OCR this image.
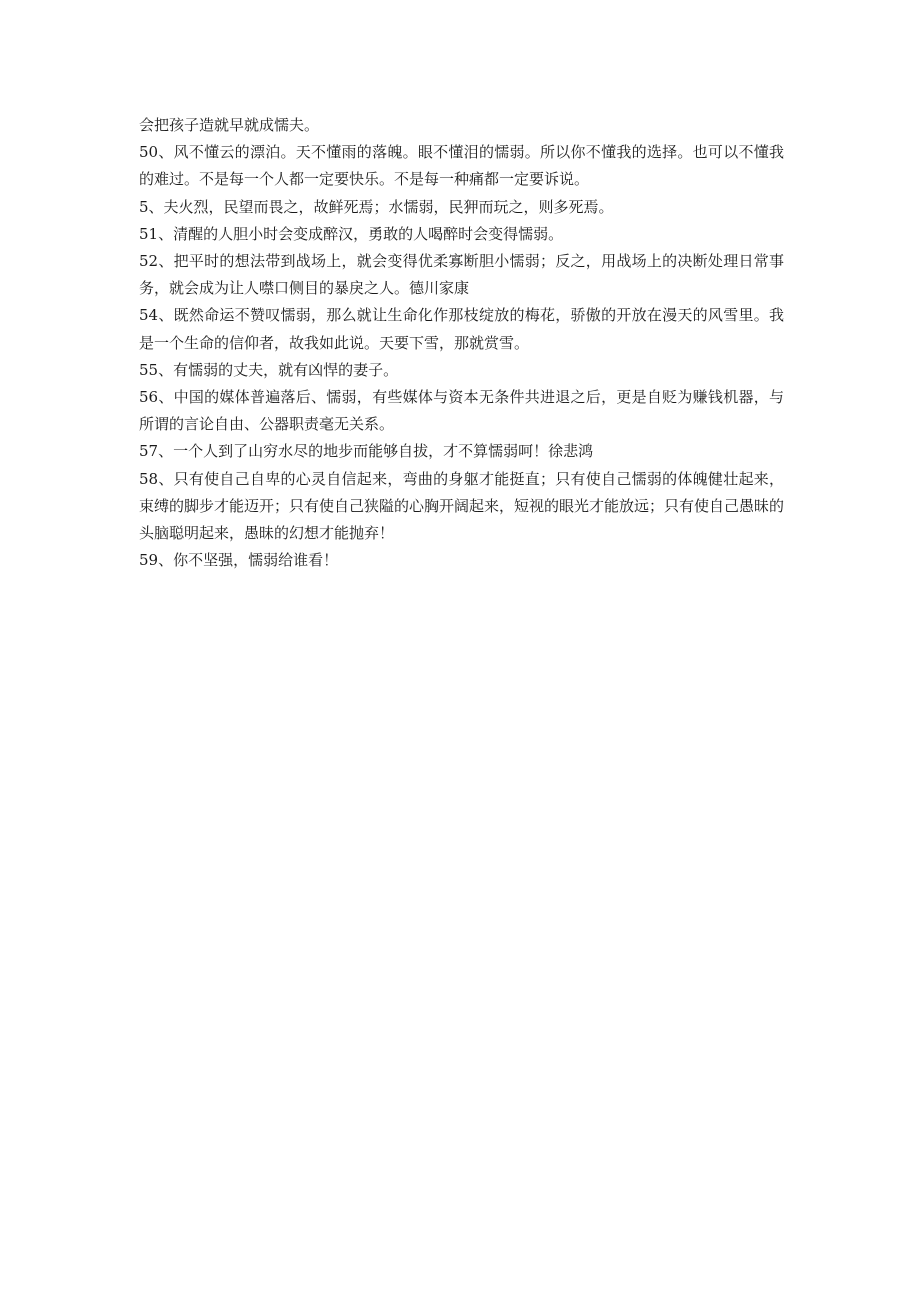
会把孩子造就早就成懦夫。

50、风不懂云的漂泊。天不懂雨的落魄。眼不懂泪的懦弱。所以你不懂我的选择。也可以不懂我的难过。不是每一个人都一定要快乐。不是每一种痛都一定要诉说。

5、夫火烈，民望而畏之，故鲜死焉；水懦弱，民狎而玩之，则多死焉。

51、清醒的人胆小时会变成醉汉，勇敢的人喝醉时会变得懦弱。

52、把平时的想法带到战场上，就会变得优柔寡断胆小懦弱；反之，用战场上的决断处理日常事务，就会成为让人噤口侧目的暴戾之人。德川家康

54、既然命运不赞叹懦弱，那么就让生命化作那枝绽放的梅花，骄傲的开放在漫天的风雪里。我是一个生命的信仰者，故我如此说。天要下雪，那就赏雪。

55、有懦弱的丈夫，就有凶悍的妻子。

56、中国的媒体普遍落后、懦弱，有些媒体与资本无条件共进退之后，更是自贬为赚钱机器，与所谓的言论自由、公器职责毫无关系。

57、一个人到了山穷水尽的地步而能够自拔，才不算懦弱呵！徐悲鸿

58、只有使自己自卑的心灵自信起来，弯曲的身躯才能挺直；只有使自己懦弱的体魄健壮起来，束缚的脚步才能迈开；只有使自己狭隘的心胸开阔起来，短视的眼光才能放远；只有使自己愚昧的头脑聪明起来，愚昧的幻想才能抛弃！

59、你不坚强，懦弱给谁看！
